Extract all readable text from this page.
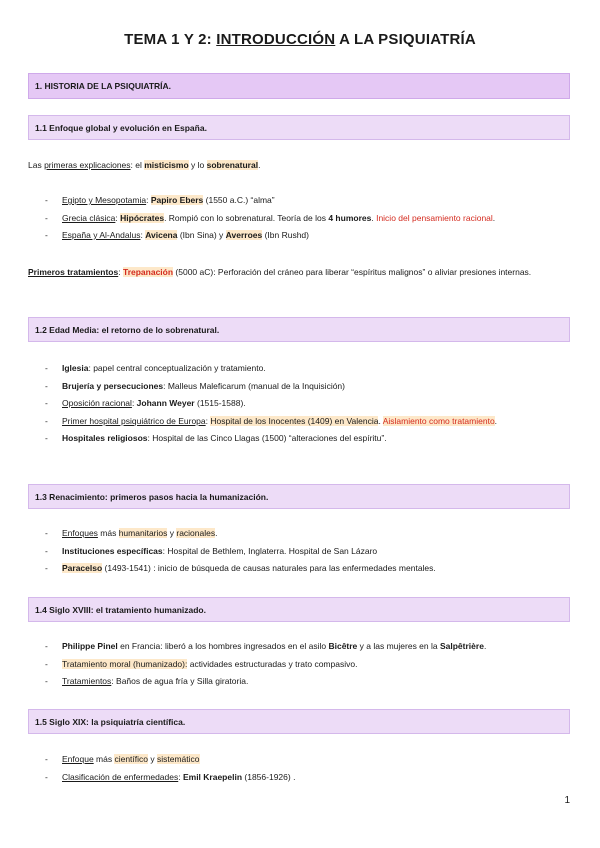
TEMA 1 Y 2: INTRODUCCIÓN A LA PSIQUIATRÍA
1. HISTORIA DE LA PSIQUIATRÍA.
1.1 Enfoque global y evolución en España.
Las primeras explicaciones: el misticismo y lo sobrenatural.
- Egipto y Mesopotamia: Papiro Ebers (1550 a.C.) “alma”
- Grecia clásica: Hipócrates. Rompió con lo sobrenatural. Teoría de los 4 humores. Inicio del pensamiento racional.
- España y Al-Andalus: Avicena (Ibn Sina) y Averroes (Ibn Rushd)
Primeros tratamientos: Trepanación (5000 aC): Perforación del cráneo para liberar “espíritus malignos” o aliviar presiones internas.
1.2 Edad Media: el retorno de lo sobrenatural.
- Iglesia: papel central conceptualización y tratamiento.
- Brujería y persecuciones: Malleus Maleficarum (manual de la Inquisición)
- Oposición racional: Johann Weyer (1515-1588).
- Primer hospital psiquiátrico de Europa: Hospital de los Inocentes (1409) en Valencia. Aislamiento como tratamiento.
- Hospitales religiosos: Hospital de las Cinco Llagas (1500) “alteraciones del espíritu”.
1.3 Renacimiento: primeros pasos hacia la humanización.
- Enfoques más humanitarios y racionales.
- Instituciones específicas: Hospital de Bethlem, Inglaterra. Hospital de San Lázaro
- Paracelso (1493-1541) : inicio de búsqueda de causas naturales para las enfermedades mentales.
1.4 Siglo XVIII: el tratamiento humanizado.
- Philippe Pinel en Francia: liberó a los hombres ingresados en el asilo Bicêtre y a las mujeres en la Salpêtrière.
- Tratamiento moral (humanizado): actividades estructuradas y trato compasivo.
- Tratamientos: Baños de agua fría y Silla giratoria.
1.5 Siglo XIX: la psiquiatría científica.
- Enfoque más científico y sistemático
- Clasificación de enfermedades: Emil Kraepelin (1856-1926) .
1
